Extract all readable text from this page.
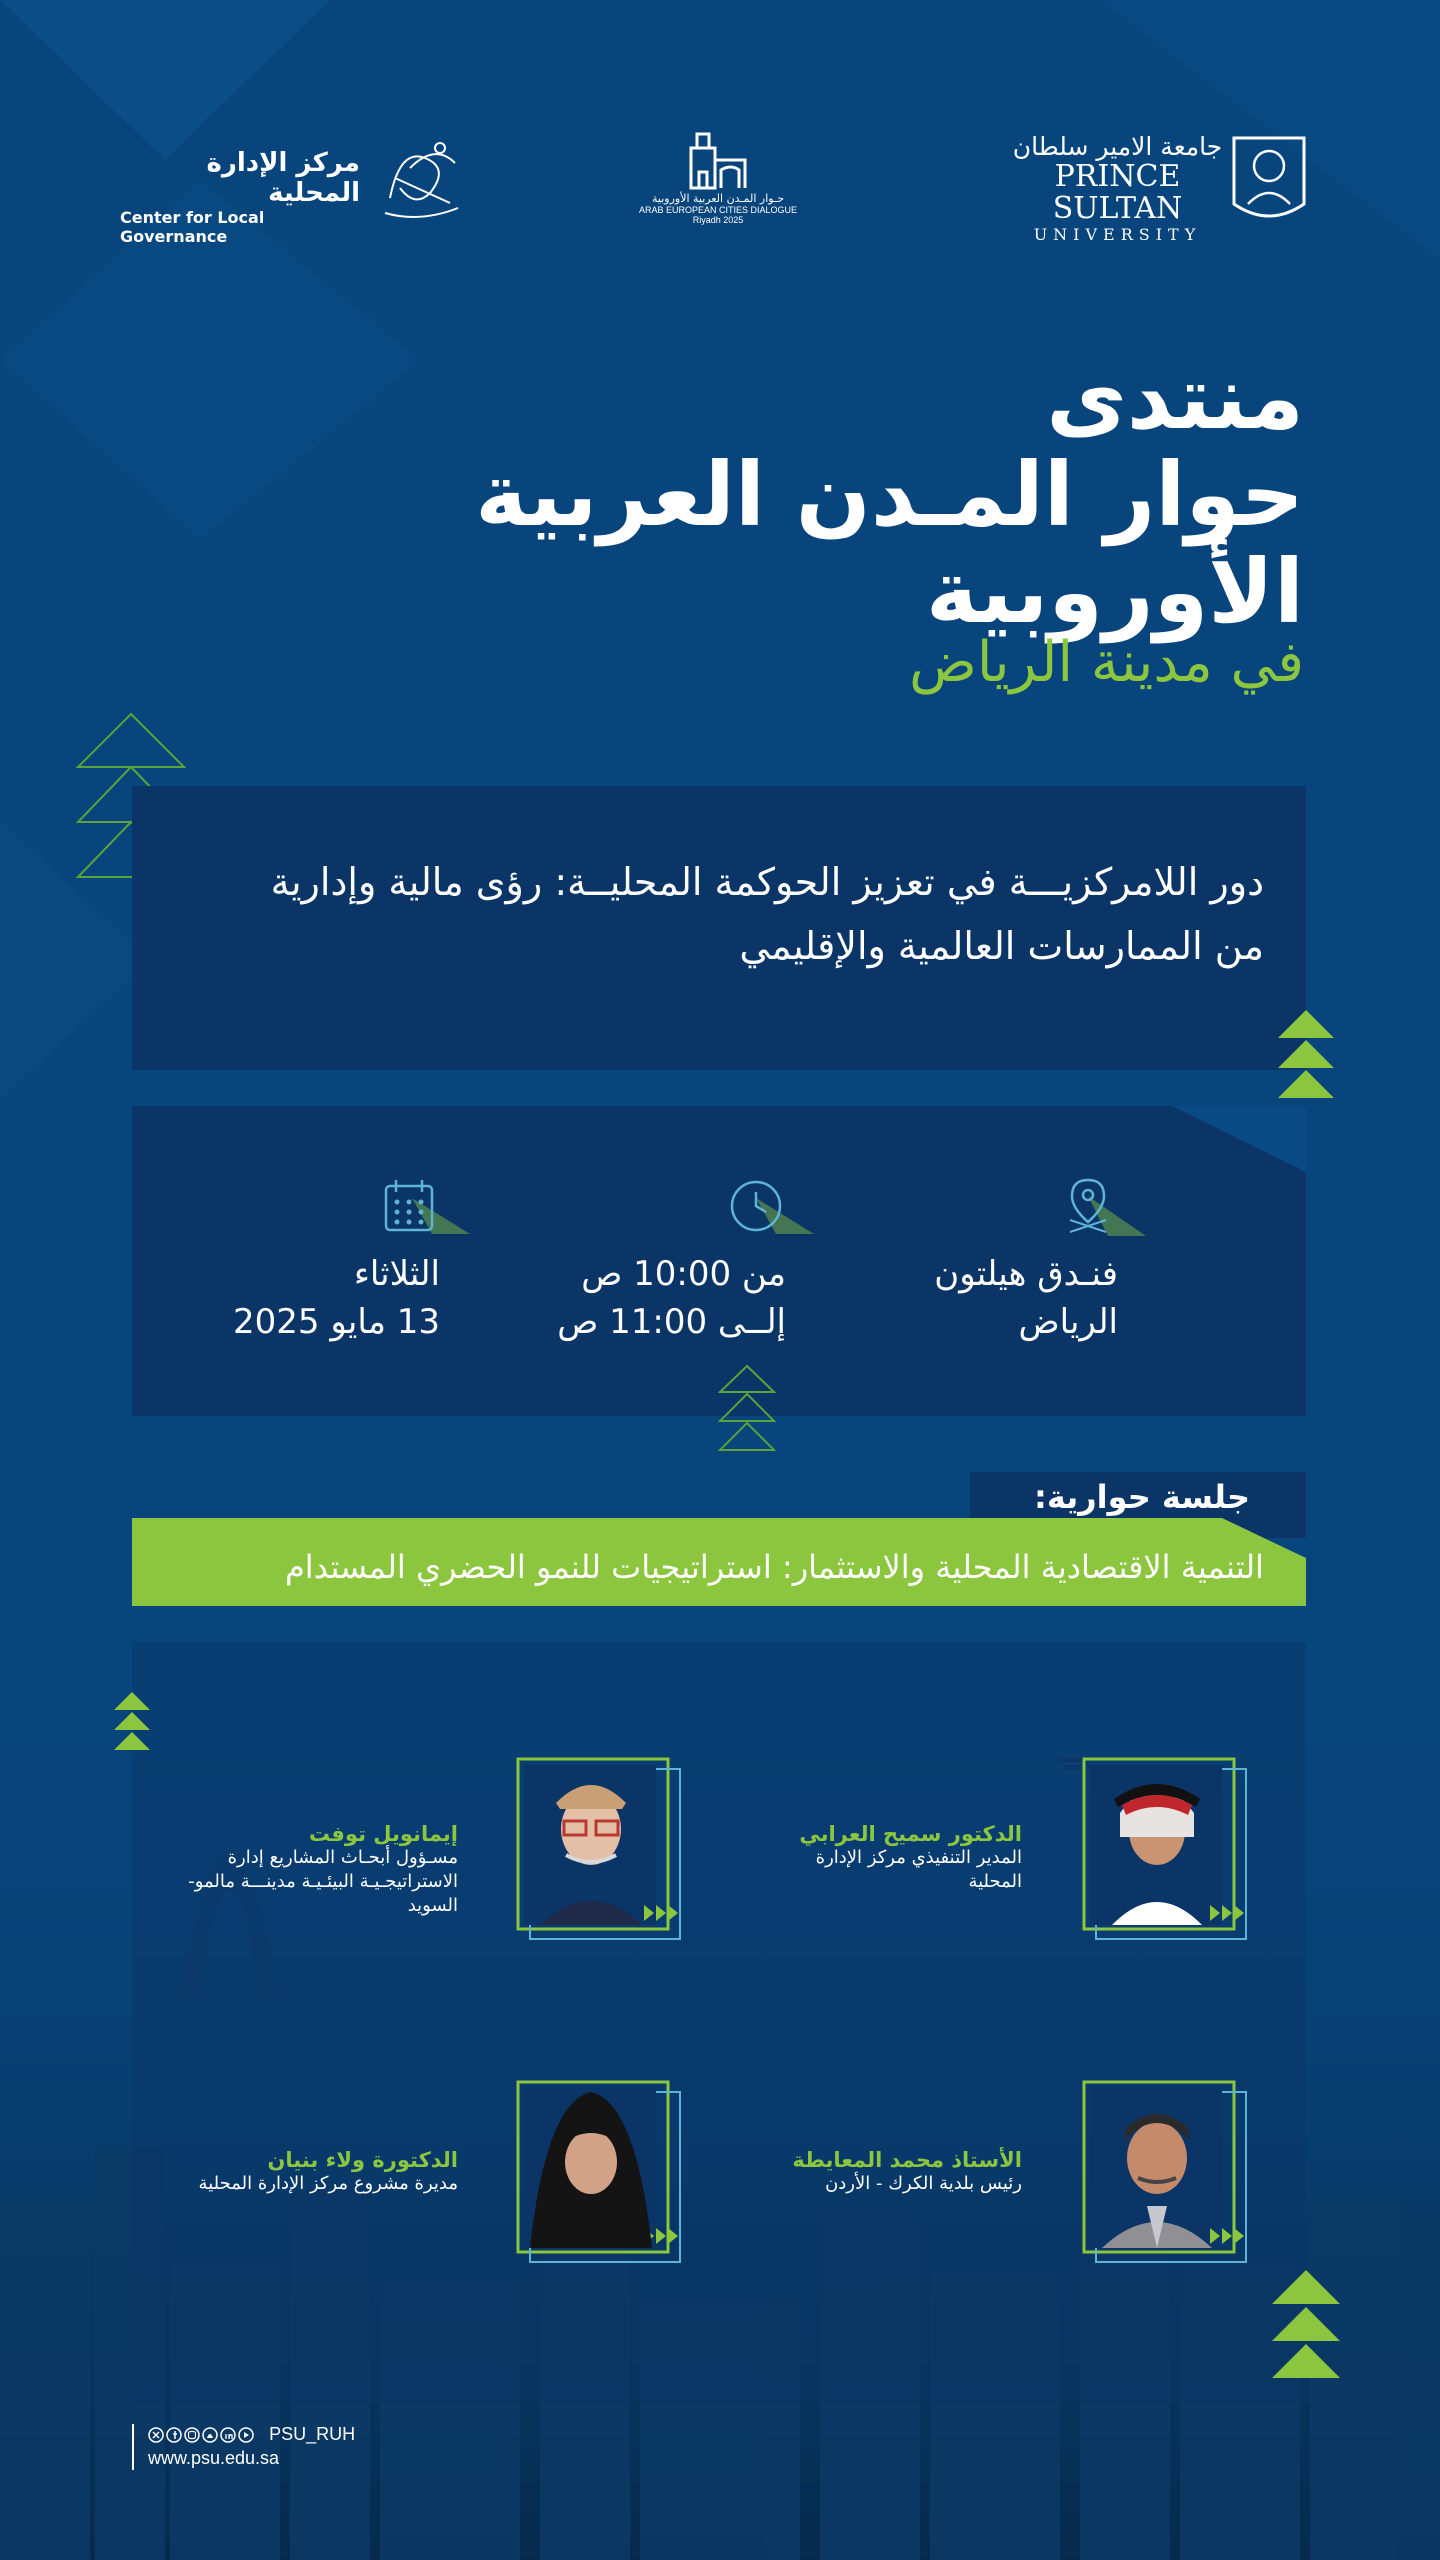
مركز الإدارة المحلية
Center for Local Governance
حـوار المـدن العربية الأوروبية
ARAB EUROPEAN CITIES DIALOGUE
Riyadh 2025
جامعة الامير سلطان
PRINCE SULTAN
UNIVERSITY
منتدى
حوار المـدن العربية الأوروبية
في مدينة الرياض
دور اللامركزيـــة في تعزيز الحوكمة المحليــة: رؤى مالية وإدارية
من الممارسات العالمية والإقليمي
فنـدق هيلتون
الرياض
من 10:00 ص
إلــى 11:00 ص
الثلاثاء
13 مايو 2025
جلسة حوارية:
التنمية الاقتصادية المحلية والاستثمار: استراتيجيات للنمو الحضري المستدام
الدكتور سميح العرابي
المدير التنفيذي مركز الإدارة المحلية
إيمانويل توفت
مسـؤول أبحـاث المشاريع إدارة الاستراتيجـيـة البيئـيـة مدينـــة مالمو-السويد
الأستاذ محمد المعايطة
رئيس بلدية الكرك - الأردن
الدكتورة ولاء بنيان
مديرة مشروع مركز الإدارة المحلية
PSU_RUH
www.psu.edu.sa
